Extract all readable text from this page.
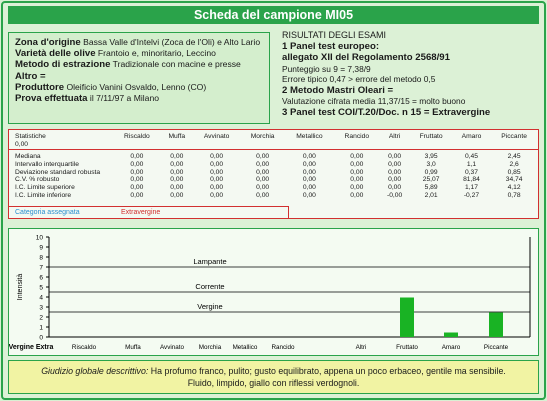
Scheda del campione MI05
Zona d'origine Bassa Valle d'Intelvi (Zoca de l'Oli) e Alto Lario
Varietà delle olive Frantoio e, minoritario, Leccino
Metodo di estrazione Tradizionale con macine e presse
Altro =
Produttore Oleificio Vanini Osvaldo, Lenno (CO)
Prova effettuata il 7/11/97 a Milano
RISULTATI DEGLI ESAMI
1 Panel test europeo:
allegato XII del Regolamento 2568/91
Punteggio su 9 = 7,38/9
Errore tipico 0,47 > errore del metodo 0,5
2 Metodo Mastri Oleari =
Valutazione cifrata media 11,37/15 = molto buono
3 Panel test COI/T.20/Doc. n 15 = Extravergine
Statistiche
0,00	Riscaldo	Muffa	Avvinato	Morchia	Metallico	Rancido	Altri	Fruttato	Amaro	Piccante

Mediana	0,00	0,00	0,00	0,00	0,00	0,00	0,00	3,95	0,45	2,45
Intervallo interquartile	0,00	0,00	0,00	0,00	0,00	0,00	0,00	3,0	1,1	2,6
Deviazione standard robusta	0,00	0,00	0,00	0,00	0,00	0,00	0,00	0,99	0,37	0,85
C.V. % robusto	0,00	0,00	0,00	0,00	0,00	0,00	0,00	25,07	81,84	34,74
I.C. Limite superiore	0,00	0,00	0,00	0,00	0,00	0,00	0,00	5,89	1,17	4,12
I.C. Limite inferiore	0,00	0,00	0,00	0,00	0,00	0,00	-0,00	2,01	-0,27	0,78
Categoria assegnata	Extravergine
0
1
2
3
4
5
6
7
8
9
10
Intensità
Lampante
Corrente
Vergine
Vergine Extra	Riscaldo	Muffa	Avvinato Morchia Metallico Rancido	Altri	Fruttato	Amaro	Piccante
Giudizio globale descrittivo: Ha profumo franco, pulito; gusto equilibrato, appena un poco erbaceo, gentile ma sensibile.
Fluido, limpido, giallo con riflessi verdognoli.
